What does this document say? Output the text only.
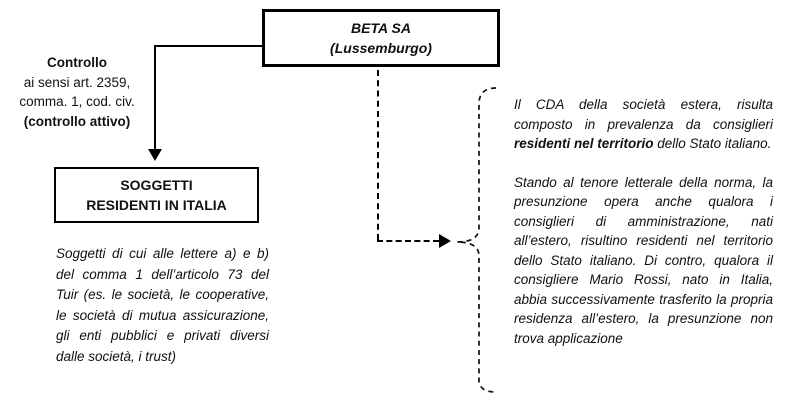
BETA SA
(Lussemburgo)
Controllo
ai sensi art. 2359,
comma. 1, cod. civ.
(controllo attivo)
SOGGETTI
RESIDENTI IN ITALIA
Soggetti di cui alle lettere a) e b) del comma 1 dell’articolo 73 del Tuir (es. le società, le cooperative, le società di mutua assicurazione, gli enti pubblici e privati diversi dalle società, i trust)

Il CDA della società estera, risulta composto in prevalenza da consiglieri residenti nel territorio dello Stato italiano.

Stando al tenore letterale della norma, la presunzione opera anche qualora i consiglieri di amministrazione, nati all’estero, risultino residenti nel territorio dello Stato italiano. Di contro, qualora il consigliere Mario Rossi, nato in Italia, abbia successivamente trasferito la propria residenza all’estero, la presunzione non trova applicazione
